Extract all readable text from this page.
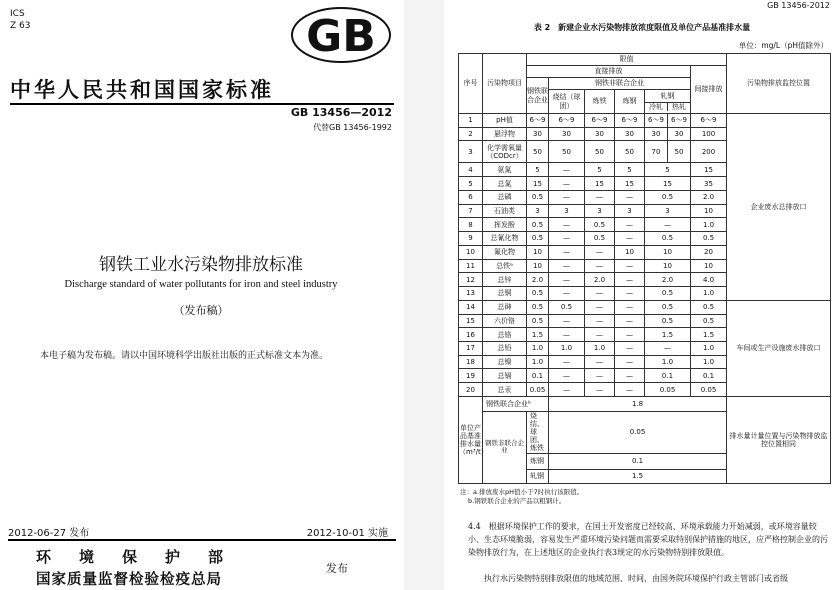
ICS
Z 63	GB
中华人民共和国国家标准
GB 13456—2012
代替GB 13456-1992
钢铁工业水污染物排放标准
Discharge standard of water pollutants for iron and steel industry
（发布稿）
本电子稿为发布稿。请以中国环境科学出版社出版的正式标准文本为准。
2012-06-27 发布	2012-10-01 实施
环境保护部
国家质量监督检验检疫总局
发布
GB 13456-2012
表 2　新建企业水污染物排放浓度限值及单位产品基准排水量
单位：mg/L（pH值除外）
序号	污染物项目	限值							污染物排放监控位置
		直接排放						间接排放	
		钢铁联合企业	钢铁非联合企业						
			烧结（球团）	炼铁	炼钢	轧钢
冷轧 热轧			

1	pH值	6～9	6～9	6～9	6～9	6～9	6～9	6～9	企业废水总排放口
2	悬浮物	30	30	30	30	30	30	100	
3	化学需氧量（CODcr）	50	50	50	50	70	50	200	
4	氨氮	5	—	5	5	5		15	
5	总氮	15	—	15	15	15		35	
6	总磷	0.5	—	—	—	0.5		2.0	
7	石油类	3	3	3	3	3		10	
8	挥发酚	0.5	—	0.5	—	—		1.0	
9	总氰化物	0.5	—	0.5	—	0.5		0.5	
10	氟化物	10	—	—	10	10		20	
11	总铁ᵃ	10	—	—	—	10		10	
12	总锌	2.0	—	2.0	—	2.0		4.0	
13	总铜	0.5	—	—	—	0.5		1.0	
14	总砷	0.5	0.5	—	—	0.5		0.5	车间或生产设施废水排放口
15	六价铬	0.5	—	—	—	0.5		0.5	
16	总铬	1.5	—	—	—	1.5		1.5	
17	总铅	1.0	1.0	1.0	—	—		1.0	
18	总镍	1.0	—	—	—	1.0		1.0	
19	总镉	0.1	—	—	—	0.1		0.1	
20	总汞	0.05	—	—	—	0.05		0.05	
单位产品基准排水量（m³/t）	钢铁联合企业ᵇ		1.8						排水量计量位置与污染物排放监控位置相同
	钢铁非联合企业	烧结、球团、炼铁	0.05						

		炼钢	0.1						

		轧钢	1.5						
注：a.排放废水pH值小于7时执行该限值。
b.钢铁联合企业的产品以粗钢计。
4.4　根据环境保护工作的要求，在国土开发密度已经较高、环境承载能力开始减弱，或环境容量较小、生态环境脆弱，容易发生严重环境污染问题而需要采取特别保护措施的地区，应严格控制企业的污染物排放行为，在上述地区的企业执行表3规定的水污染物特别排放限值。
执行水污染物特别排放限值的地域范围、时间，由国务院环境保护行政主管部门或省级
